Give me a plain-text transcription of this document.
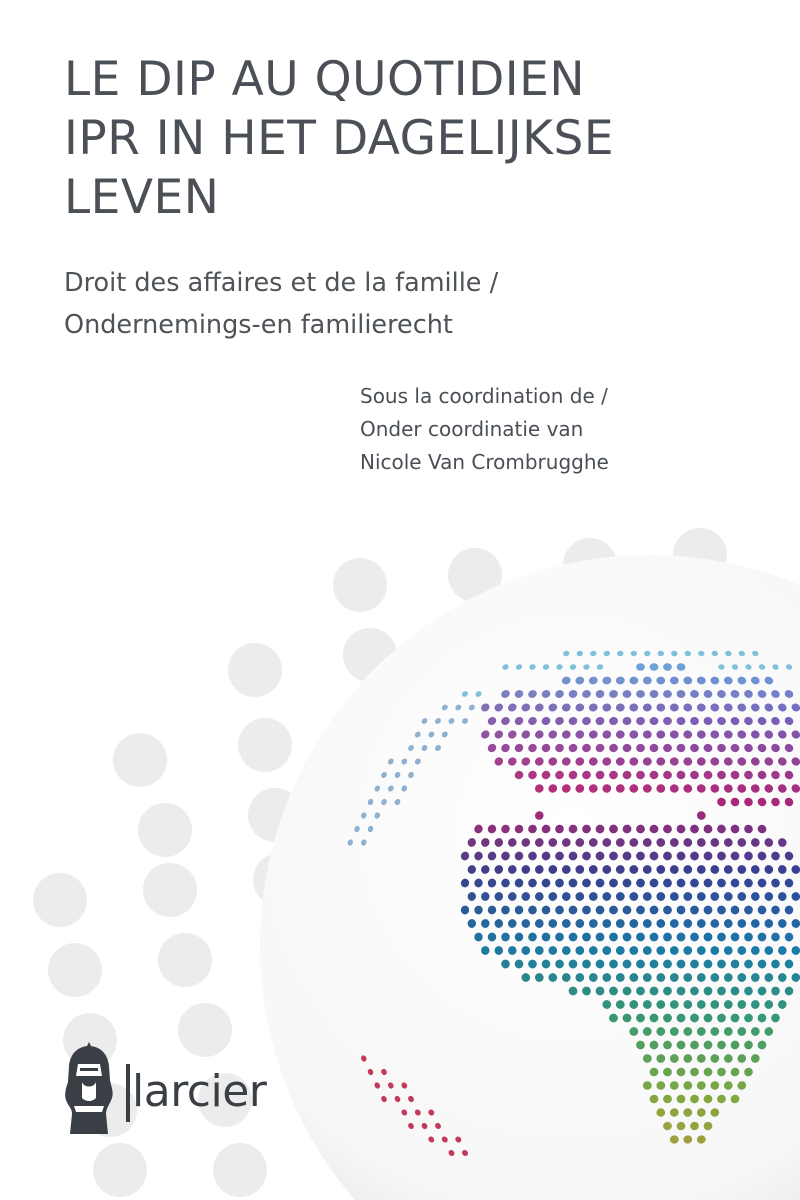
LE DIP AU QUOTIDIEN
IPR IN HET DAGELIJKSE
LEVEN
Droit des affaires et de la famille /
Ondernemings-en familierecht
Sous la coordination de /
Onder coordinatie van
Nicole Van Crombrugghe
larcier
